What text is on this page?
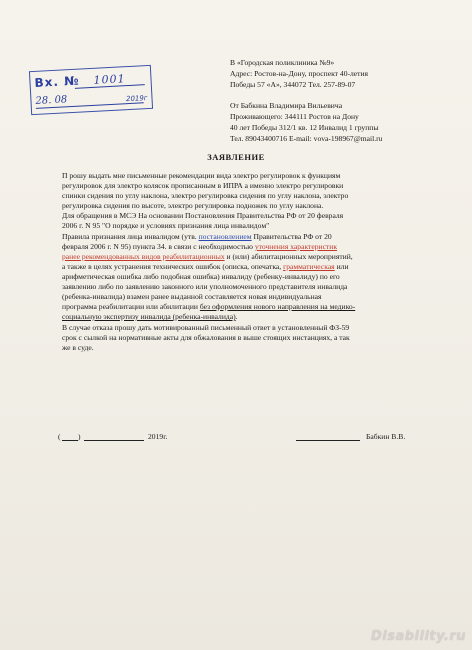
Вх. № 1001
28. 08	2019г
В «Городская поликлиника №9»
Адрес: Ростов-на-Дону, проспект 40-летия
Победы 57 «А», 344072 Тел. 257-89-07
От Бабкина Владимира Вильевича
Проживающего: 344111 Ростов на Дону
40 лет Победы 312/1 кв. 12 Инвалид 1 группы
Тел. 89043400716 E-mail: vova-198967@mail.ru
ЗАЯВЛЕНИЕ
П рошу выдать мне письменные рекомендации вида электро регулировок к функциям
регулировок для электро колясок прописанным в ИПРА а именно электро регулировки
спинки сидения по углу наклона, электро регулировка сидения по углу наклона, электро
регулировка сидения по высоте, электро регулировка подножек по углу наклона.
Для обращения в МСЭ На основании Постановления Правительства РФ от 20 февраля
2006 г. N 95 "О порядке и условиях признания лица инвалидом"
Правила признания лица инвалидом (утв. постановлением Правительства РФ от 20
февраля 2006 г. N 95) пункта 34. в связи с необходимостью уточнения характеристик
ранее рекомендованных видов реабилитационных и (или) абилитационных мероприятий,
а также в целях устранения технических ошибок (описка, опечатка, грамматическая или
арифметическая ошибка либо подобная ошибка) инвалиду (ребенку-инвалиду) по его
заявлению либо по заявлению законного или уполномоченного представителя инвалида
(ребенка-инвалида) взамен ранее выданной составляется новая индивидуальная
программа реабилитации или абилитации без оформления нового направления на медико-
социальную экспертизу инвалида (ребенка-инвалида).
В случае отказа прошу дать мотивированный письменный ответ в установленный ФЗ-59
срок с сылкой на нормативные акты для обжалования в выше стоящих инстанциях, а так
же в суде.
( )	2019г.	Бабкин В.В.
Disability.ru
